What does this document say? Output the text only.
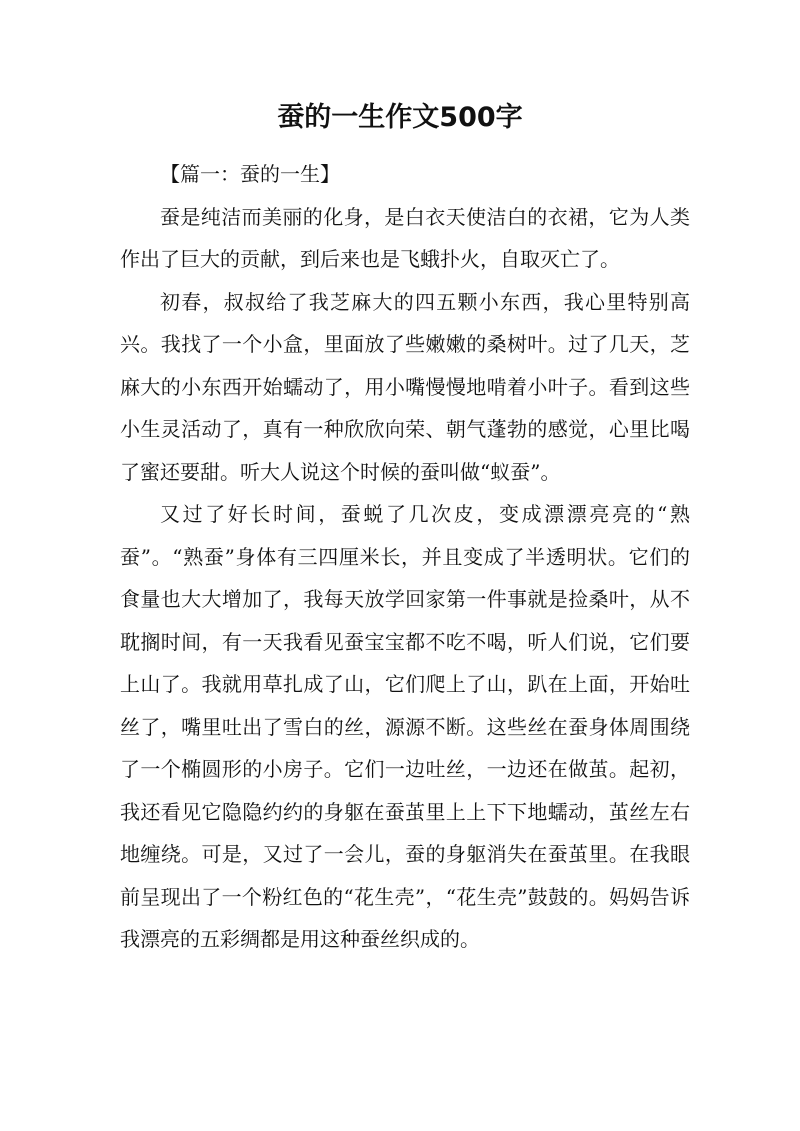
蚕的一生作文500字

【篇一：蚕的一生】

蚕是纯洁而美丽的化身，是白衣天使洁白的衣裙，它为人类作出了巨大的贡献，到后来也是飞蛾扑火，自取灭亡了。

初春，叔叔给了我芝麻大的四五颗小东西，我心里特别高兴。我找了一个小盒，里面放了些嫩嫩的桑树叶。过了几天，芝麻大的小东西开始蠕动了，用小嘴慢慢地啃着小叶子。看到这些小生灵活动了，真有一种欣欣向荣、朝气蓬勃的感觉，心里比喝了蜜还要甜。听大人说这个时候的蚕叫做“蚁蚕”。

又过了好长时间，蚕蜕了几次皮，变成漂漂亮亮的“熟蚕”。“熟蚕”身体有三四厘米长，并且变成了半透明状。它们的食量也大大增加了，我每天放学回家第一件事就是捡桑叶，从不耽搁时间，有一天我看见蚕宝宝都不吃不喝，听人们说，它们要上山了。我就用草扎成了山，它们爬上了山，趴在上面，开始吐丝了，嘴里吐出了雪白的丝，源源不断。这些丝在蚕身体周围绕了一个椭圆形的小房子。它们一边吐丝，一边还在做茧。起初，我还看见它隐隐约约的身躯在蚕茧里上上下下地蠕动，茧丝左右地缠绕。可是，又过了一会儿，蚕的身躯消失在蚕茧里。在我眼前呈现出了一个粉红色的“花生壳”，“花生壳”鼓鼓的。妈妈告诉我漂亮的五彩绸都是用这种蚕丝织成的。
